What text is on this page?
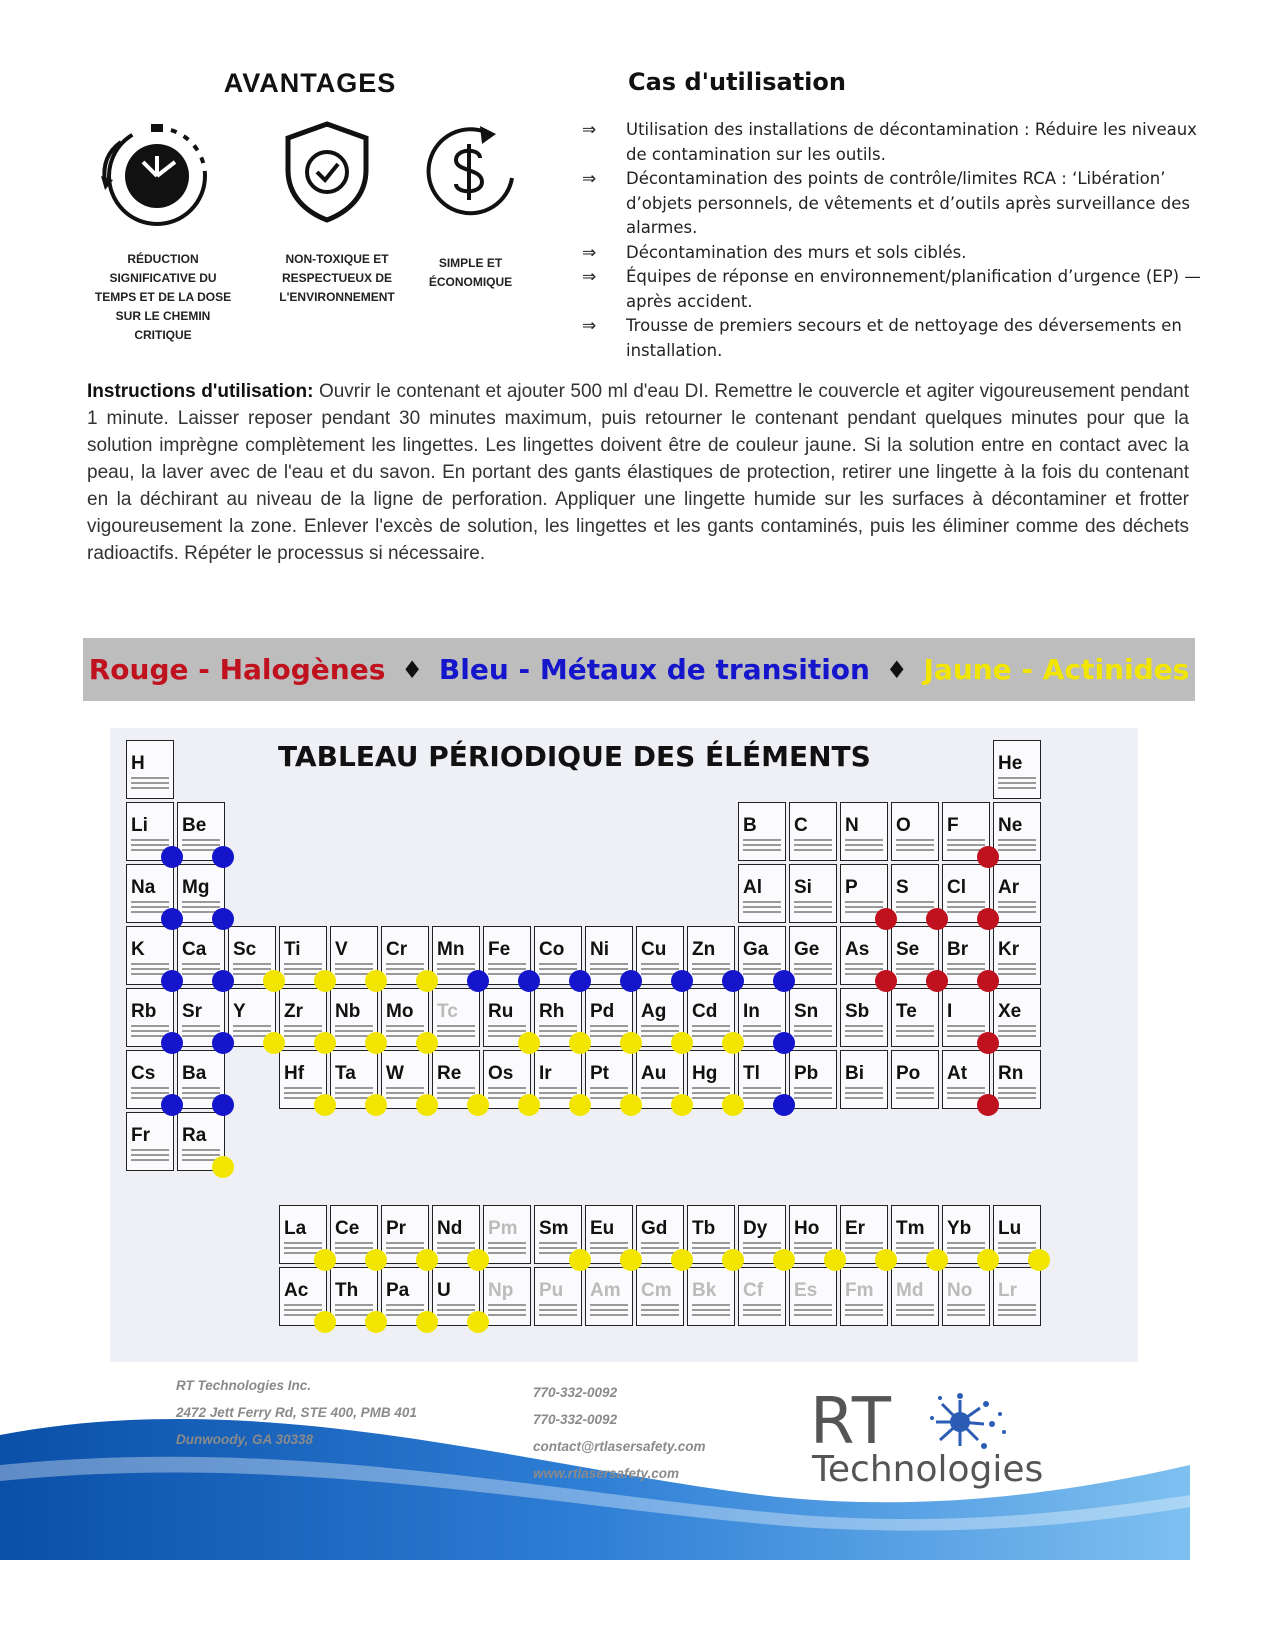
AVANTAGES
RÉDUCTION SIGNIFICATIVE DU TEMPS ET DE LA DOSE SUR LE CHEMIN CRITIQUE
NON-TOXIQUE ET RESPECTUEUX DE L'ENVIRONNEMENT
SIMPLE ET ÉCONOMIQUE
Cas d'utilisation
⇒ Utilisation des installations de décontamination : Réduire les niveaux de contamination sur les outils.
⇒ Décontamination des points de contrôle/limites RCA : ‘Libération’ d’objets personnels, de vêtements et d’outils après surveillance des alarmes.
⇒ Décontamination des murs et sols ciblés.
⇒ Équipes de réponse en environnement/planification d’urgence (EP) — après accident.
⇒ Trousse de premiers secours et de nettoyage des déversements en installation.

Instructions d'utilisation: Ouvrir le contenant et ajouter 500 ml d'eau DI. Remettre le couvercle et agiter vigoureusement pendant 1 minute. Laisser reposer pendant 30 minutes maximum, puis retourner le contenant pendant quelques minutes pour que la solution imprègne complètement les lingettes. Les lingettes doivent être de couleur jaune. Si la solution entre en contact avec la peau, la laver avec de l'eau et du savon. En portant des gants élastiques de protection, retirer une lingette à la fois du contenant en la déchirant au niveau de la ligne de perforation. Appliquer une lingette humide sur les surfaces à décontaminer et frotter vigoureusement la zone. Enlever l'excès de solution, les lingettes et les gants contaminés, puis les éliminer comme des déchets radioactifs. Répéter le processus si nécessaire.

Rouge - Halogènes ♦ Bleu - Métaux de transition ♦ Jaune - Actinides
H	He
Li Be	B C N O F Ne
Na Mg	Al Si P S Cl Ar
K Ca Sc Ti V Cr Mn Fe Co Ni Cu Zn Ga Ge As Se Br Kr
Rb Sr Y Zr Nb Mo Tc Ru Rh Pd Ag Cd In Sn Sb Te I Xe
Cs Ba	Hf Ta W Re Os Ir Pt Au Hg Tl Pb Bi Po At Rn
Fr Ra
La Ce Pr Nd Pm Sm Eu Gd Tb Dy Ho Er Tm Yb Lu
Ac Th Pa U Np Pu Am Cm Bk Cf Es Fm Md No Lr
TABLEAU PÉRIODIQUE DES ÉLÉMENTS
RT Technologies Inc.
2472 Jett Ferry Rd, STE 400, PMB 401
Dunwoody, GA 30338
770-332-0092
770-332-0092
contact@rtlasersafety.com
www.rtlasersafety.com
RT
Technologies
